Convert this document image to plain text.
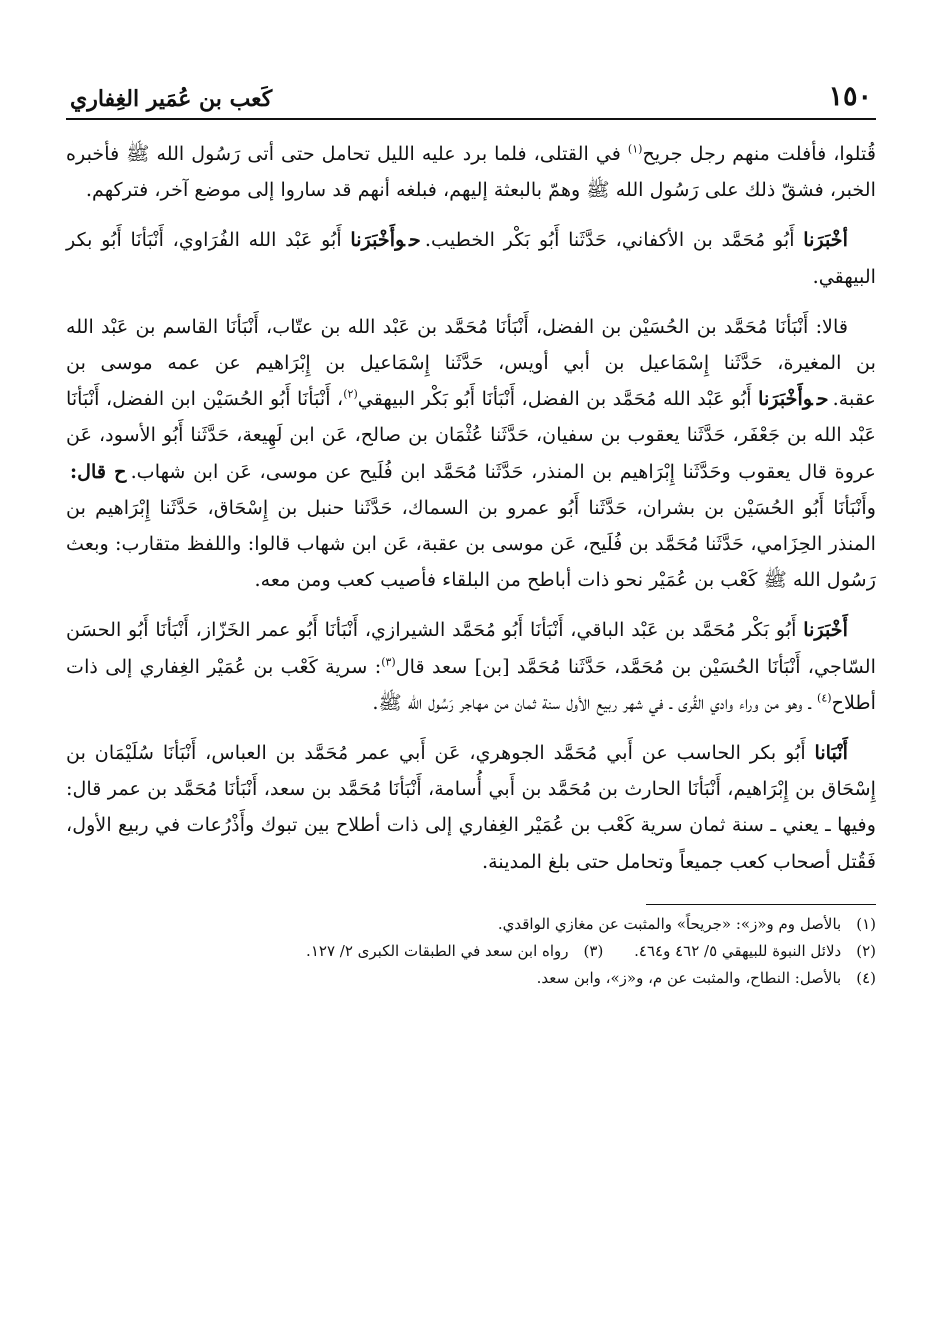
١٥٠
كَعب بن عُمَير الغِفاري

قُتلوا، فأفلت منهم رجل جريح$^{(١)}$ في القتلى، فلما برد عليه الليل تحامل حتى أتى رَسُول الله ﷺ فأخبره الخبر، فشقّ ذلك على رَسُول الله ﷺ وهمّ بالبعثة إليهم، فبلغه أنهم قد ساروا إلى موضع آخر، فتركهم.

أخْبَرَنا أَبُو مُحَمَّد بن الأكفاني، حَدَّثَنا أَبُو بَكْر الخطيب.حوأَخْبَرَنا أَبُو عَبْد الله الفُرَاوي، أَنْبَأنَا أَبُو بكر البيهقي.

قالا: أَنْبَأنَا مُحَمَّد بن الحُسَيْن بن الفضل، أَنْبَأنَا مُحَمَّد بن عَبْد الله بن عتّاب، أَنْبَأنَا القاسم بن عَبْد الله بن المغيرة، حَدَّثَنا إِسْمَاعيل بن أبي أويس، حَدَّثَنا إِسْمَاعيل بن إِبْرَاهيم عن عمه موسى بن عقبة.حوأَخْبَرَنا أَبُو عَبْد الله مُحَمَّد بن الفضل، أَنْبَأنَا أَبُو بَكْر البيهقي$^{(٢)}$، أَنْبَأنَا أَبُو الحُسَيْن ابن الفضل، أَنْبَأنَا عَبْد الله بن جَعْفَر، حَدَّثَنا يعقوب بن سفيان، حَدَّثَنا عُثْمَان بن صالح، عَن ابن لَهِيعة، حَدَّثَنا أَبُو الأسود، عَن عروة قال يعقوب وحَدَّثَنا إِبْرَاهيم بن المنذر، حَدَّثَنا مُحَمَّد ابن فُلَيح عن موسى، عَن ابن شهاب.ح قال: وأَنْبَأنَا أَبُو الحُسَيْن بن بشران، حَدَّثَنا أَبُو عمرو بن السماك، حَدَّثَنا حنبل بن إِسْحَاق، حَدَّثَنا إِبْرَاهيم بن المنذر الحِزَامي، حَدَّثَنا مُحَمَّد بن فُلَيح، عَن موسى بن عقبة، عَن ابن شهاب قالوا: واللفظ متقارب: وبعث رَسُول الله ﷺ كَعْب بن عُمَيْر نحو ذات أباطح من البلقاء فأصيب كعب ومن معه.

أَخْبَرَنا أَبُو بَكْر مُحَمَّد بن عَبْد الباقي، أَنْبَأنَا أَبُو مُحَمَّد الشيرازي، أَنْبَأنَا أَبُو عمر الخَزّاز، أَنْبَأنَا أَبُو الحسَن السّاجي، أَنْبَأنَا الحُسَيْن بن مُحَمَّد، حَدَّثَنا مُحَمَّد [بن] سعد قال$^{(٣)}$: سرية كَعْب بن عُمَيْر الغِفاري إلى ذات أطلاح$^{(٤)}$ ـ وهو من وراء وادي القُرى ـ في شهر ربيع الأول سنة ثمان من مهاجر رَسُول الله ﷺ.

أَنْبَانا أَبُو بكر الحاسب عن أَبي مُحَمَّد الجوهري، عَن أَبي عمر مُحَمَّد بن العباس، أَنْبَأنَا سُلَيْمَان بن إِسْحَاق بن إِبْرَاهيم، أَنْبَأنَا الحارث بن مُحَمَّد بن أَبي أُسامة، أَنْبَأنَا مُحَمَّد بن سعد، أَنْبَأنَا مُحَمَّد بن عمر قال: وفيها ـ يعني ـ سنة ثمان سرية كَعْب بن عُمَيْر الغِفاري إلى ذات أطلاح بين تبوك وأَذْرُعات في ربيع الأول، فَقُتل أصحاب كعب جميعاً وتحامل حتى بلغ المدينة.

(١) بالأصل وم و«ز»: «جريحاً» والمثبت عن مغازي الواقدي.
(٢) دلائل النبوة للبيهقي ٥/ ٤٦٢ و٤٦٤. (٣) رواه ابن سعد في الطبقات الكبرى ٢/ ١٢٧.
(٤) بالأصل: النطاح، والمثبت عن م، و«ز»، وابن سعد.
